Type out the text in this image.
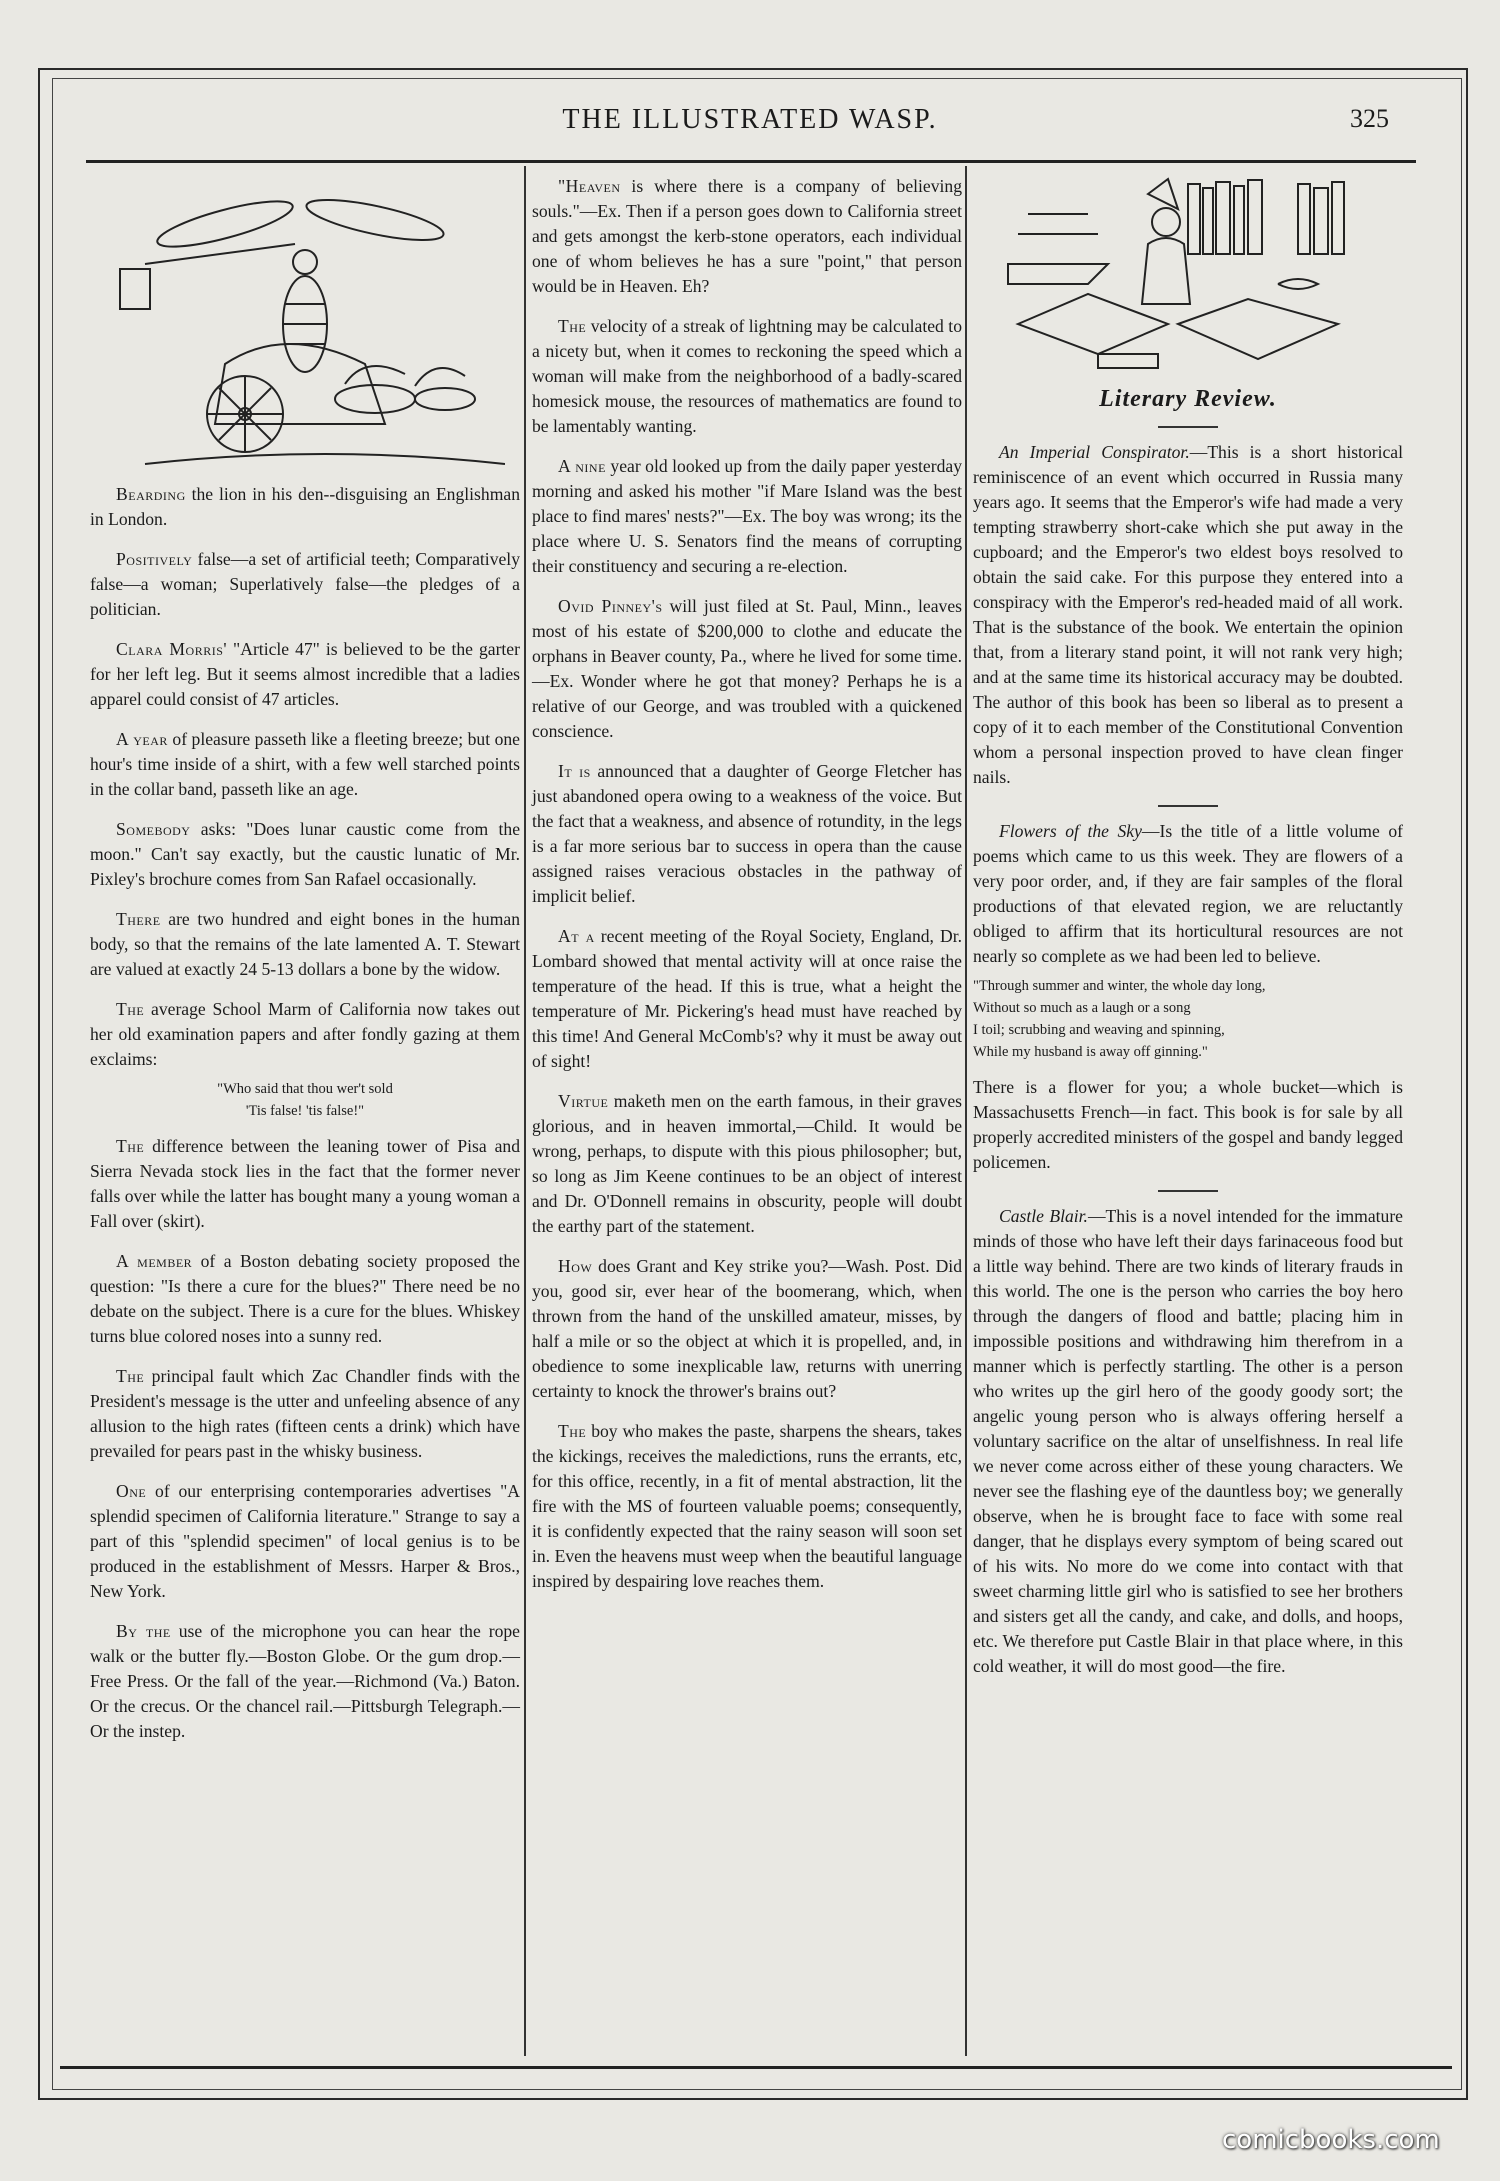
THE ILLUSTRATED WASP.	325

Bearding the lion in his den--disguising an Englishman in London.

Positively false—a set of artificial teeth; Comparatively false—a woman; Superlatively false—the pledges of a politician.

Clara Morris' "Article 47" is believed to be the garter for her left leg. But it seems almost incredible that a ladies apparel could consist of 47 articles.

A year of pleasure passeth like a fleeting breeze; but one hour's time inside of a shirt, with a few well starched points in the collar band, passeth like an age.

Somebody asks: "Does lunar caustic come from the moon." Can't say exactly, but the caustic lunatic of Mr. Pixley's brochure comes from San Rafael occasionally.

There are two hundred and eight bones in the human body, so that the remains of the late lamented A. T. Stewart are valued at exactly 24 5-13 dollars a bone by the widow.

The average School Marm of California now takes out her old examination papers and after fondly gazing at them exclaims:

"Who said that thou wer't sold
'Tis false! 'tis false!"

The difference between the leaning tower of Pisa and Sierra Nevada stock lies in the fact that the former never falls over while the latter has bought many a young woman a Fall over (skirt).

A member of a Boston debating society proposed the question: "Is there a cure for the blues?" There need be no debate on the subject. There is a cure for the blues. Whiskey turns blue colored noses into a sunny red.

The principal fault which Zac Chandler finds with the President's message is the utter and unfeeling absence of any allusion to the high rates (fifteen cents a drink) which have prevailed for pears past in the whisky business.

One of our enterprising contemporaries advertises "A splendid specimen of California literature." Strange to say a part of this "splendid specimen" of local genius is to be produced in the establishment of Messrs. Harper & Bros., New York.

By the use of the microphone you can hear the rope walk or the butter fly.—Boston Globe. Or the gum drop.—Free Press. Or the fall of the year.—Richmond (Va.) Baton. Or the crecus. Or the chancel rail.—Pittsburgh Telegraph.—Or the instep.

"Heaven is where there is a company of believing souls."—Ex. Then if a person goes down to California street and gets amongst the kerb-stone operators, each individual one of whom believes he has a sure "point," that person would be in Heaven. Eh?

The velocity of a streak of lightning may be calculated to a nicety but, when it comes to reckoning the speed which a woman will make from the neighborhood of a badly-scared homesick mouse, the resources of mathematics are found to be lamentably wanting.

A nine year old looked up from the daily paper yesterday morning and asked his mother "if Mare Island was the best place to find mares' nests?"—Ex. The boy was wrong; its the place where U. S. Senators find the means of corrupting their constituency and securing a re-election.

Ovid Pinney's will just filed at St. Paul, Minn., leaves most of his estate of $200,000 to clothe and educate the orphans in Beaver county, Pa., where he lived for some time.—Ex. Wonder where he got that money? Perhaps he is a relative of our George, and was troubled with a quickened conscience.

It is announced that a daughter of George Fletcher has just abandoned opera owing to a weakness of the voice. But the fact that a weakness, and absence of rotundity, in the legs is a far more serious bar to success in opera than the cause assigned raises veracious obstacles in the pathway of implicit belief.

At a recent meeting of the Royal Society, England, Dr. Lombard showed that mental activity will at once raise the temperature of the head. If this is true, what a height the temperature of Mr. Pickering's head must have reached by this time! And General McComb's? why it must be away out of sight!

Virtue maketh men on the earth famous, in their graves glorious, and in heaven immortal,—Child. It would be wrong, perhaps, to dispute with this pious philosopher; but, so long as Jim Keene continues to be an object of interest and Dr. O'Donnell remains in obscurity, people will doubt the earthy part of the statement.

How does Grant and Key strike you?—Wash. Post. Did you, good sir, ever hear of the boomerang, which, when thrown from the hand of the unskilled amateur, misses, by half a mile or so the object at which it is propelled, and, in obedience to some inexplicable law, returns with unerring certainty to knock the thrower's brains out?

The boy who makes the paste, sharpens the shears, takes the kickings, receives the maledictions, runs the errants, etc, for this office, recently, in a fit of mental abstraction, lit the fire with the MS of fourteen valuable poems; consequently, it is confidently expected that the rainy season will soon set in. Even the heavens must weep when the beautiful language inspired by despairing love reaches them.

Literary Review.

An Imperial Conspirator.—This is a short historical reminiscence of an event which occurred in Russia many years ago. It seems that the Emperor's wife had made a very tempting strawberry short-cake which she put away in the cupboard; and the Emperor's two eldest boys resolved to obtain the said cake. For this purpose they entered into a conspiracy with the Emperor's red-headed maid of all work. That is the substance of the book. We entertain the opinion that, from a literary stand point, it will not rank very high; and at the same time its historical accuracy may be doubted. The author of this book has been so liberal as to present a copy of it to each member of the Constitutional Convention whom a personal inspection proved to have clean finger nails.

Flowers of the Sky—Is the title of a little volume of poems which came to us this week. They are flowers of a very poor order, and, if they are fair samples of the floral productions of that elevated region, we are reluctantly obliged to affirm that its horticultural resources are not nearly so complete as we had been led to believe.

"Through summer and winter, the whole day long,
Without so much as a laugh or a song
I toil; scrubbing and weaving and spinning,
While my husband is away off ginning."

There is a flower for you; a whole bucket—which is Massachusetts French—in fact. This book is for sale by all properly accredited ministers of the gospel and bandy legged policemen.

Castle Blair.—This is a novel intended for the immature minds of those who have left their days farinaceous food but a little way behind. There are two kinds of literary frauds in this world. The one is the person who carries the boy hero through the dangers of flood and battle; placing him in impossible positions and withdrawing him therefrom in a manner which is perfectly startling. The other is a person who writes up the girl hero of the goody goody sort; the angelic young person who is always offering herself a voluntary sacrifice on the altar of unselfishness. In real life we never come across either of these young characters. We never see the flashing eye of the dauntless boy; we generally observe, when he is brought face to face with some real danger, that he displays every symptom of being scared out of his wits. No more do we come into contact with that sweet charming little girl who is satisfied to see her brothers and sisters get all the candy, and cake, and dolls, and hoops, etc. We therefore put Castle Blair in that place where, in this cold weather, it will do most good—the fire.

comicbooks.com
